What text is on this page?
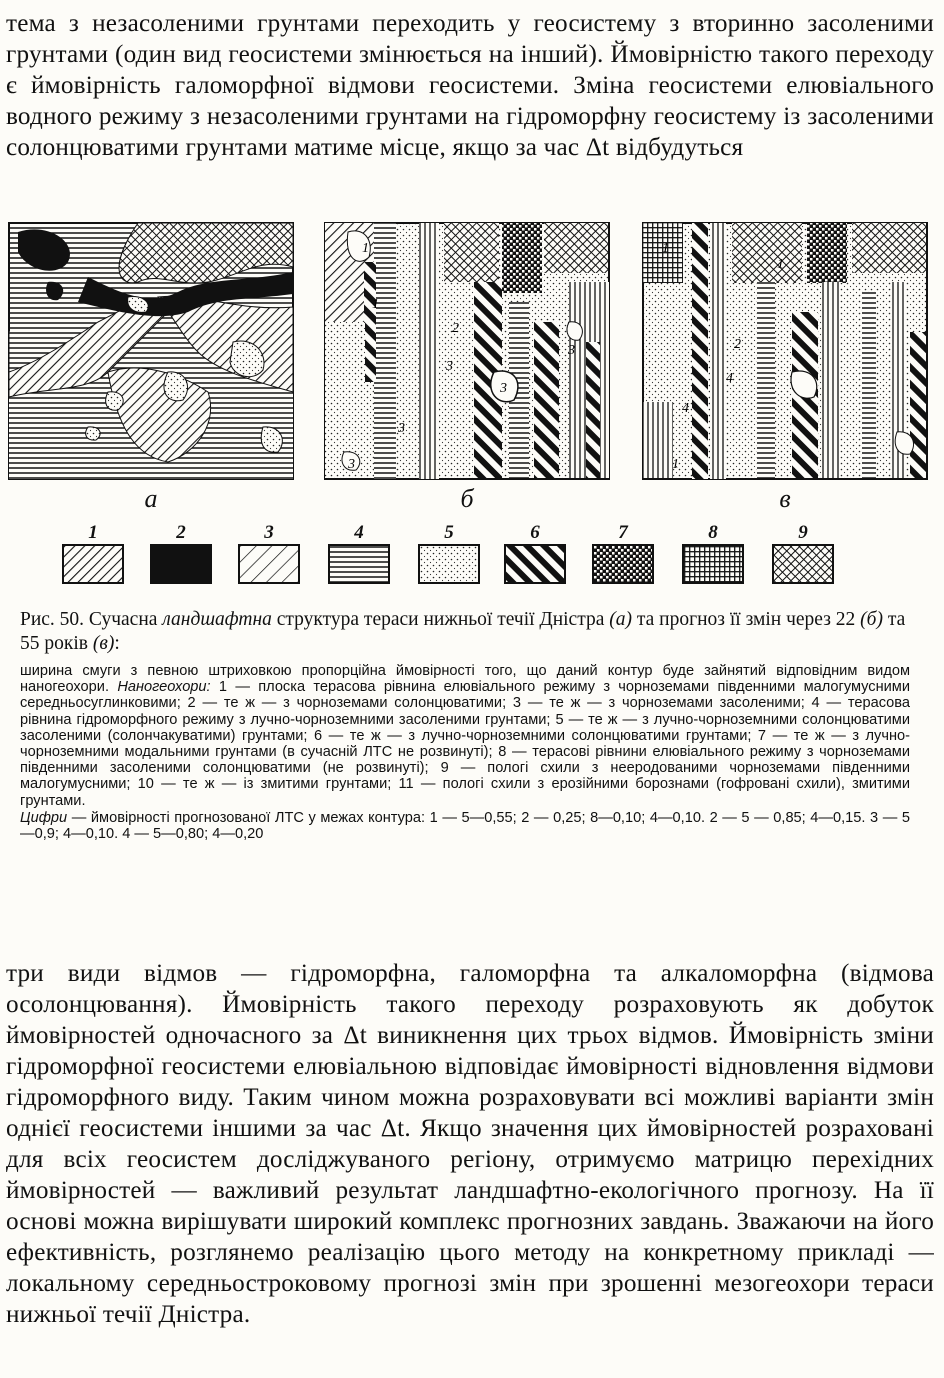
тема з незасоленими грунтами переходить у геосистему з вторинно засоленими грунтами (один вид геосистеми змінюється на інший). Ймовірністю такого переходу є ймовірність галоморфної відмови геосистеми. Зміна геосистеми елювіального водного режиму з незасоленими грунтами на гідроморфну геосистему із засоленими солонцюватими грунтами матиме місце, якщо за час Δt відбудуться

а
1
1
2
3
3
3
3
3
б
1
1
2
4
4
1
в
1	2	3	4	5	6	7	8	9

Рис. 50. Сучасна ландшафтна структура тераси нижньої течії Дністра (а) та прогноз її змін через 22 (б) та 55 років (в):

ширина смуги з певною штриховкою пропорційна ймовірності того, що даний контур буде зайнятий відповідним видом наногеохори. Наногеохори: 1 — плоска терасова рівнина елювіального режиму з чорноземами південними малогумусними середньосуглинковими; 2 — те ж — з чорноземами солонцюватими; 3 — те ж — з чорноземами засоленими; 4 — терасова рівнина гідроморфного режиму з лучно-чорноземними засоленими грунтами; 5 — те ж — з лучно-чорноземними солонцюватими засоленими (солончакуватими) грунтами; 6 — те ж — з лучно-чорноземними солонцюватими грунтами; 7 — те ж — з лучно-чорноземними модальними грунтами (в сучасній ЛТС не розвинуті); 8 — терасові рівнини елювіального режиму з чорноземами південними засоленими солонцюватими (не розвинуті); 9 — пологі схили з нееродованими чорноземами південними малогумусними; 10 — те ж — із змитими грунтами; 11 — пологі схили з ерозійними борознами (гофровані схили), змитими грунтами.
Цифри — ймовірності прогнозованої ЛТС у межах контура: 1 — 5—0,55; 2 — 0,25; 8—0,10; 4—0,10. 2 — 5 — 0,85; 4—0,15. 3 — 5—0,9; 4—0,10. 4 — 5—0,80; 4—0,20

три види відмов — гідроморфна, галоморфна та алкаломорфна (відмова осолонцювання). Ймовірність такого переходу розраховують як добуток ймовірностей одночасного за Δt виникнення цих трьох відмов. Ймовірність зміни гідроморфної геосистеми елювіальною відповідає ймовірності відновлення відмови гідроморфного виду. Таким чином можна розраховувати всі можливі варіанти змін однієї геосистеми іншими за час Δt. Якщо значення цих ймовірностей розраховані для всіх геосистем досліджуваного регіону, отримуємо матрицю перехідних ймовірностей — важливий результат ландшафтно-екологічного прогнозу. На її основі можна вирішувати широкий комплекс прогнозних завдань. Зважаючи на його ефективність, розглянемо реалізацію цього методу на конкретному прикладі — локальному середньостроковому прогнозі змін при зрошенні мезогеохори тераси нижньої течії Дністра.
